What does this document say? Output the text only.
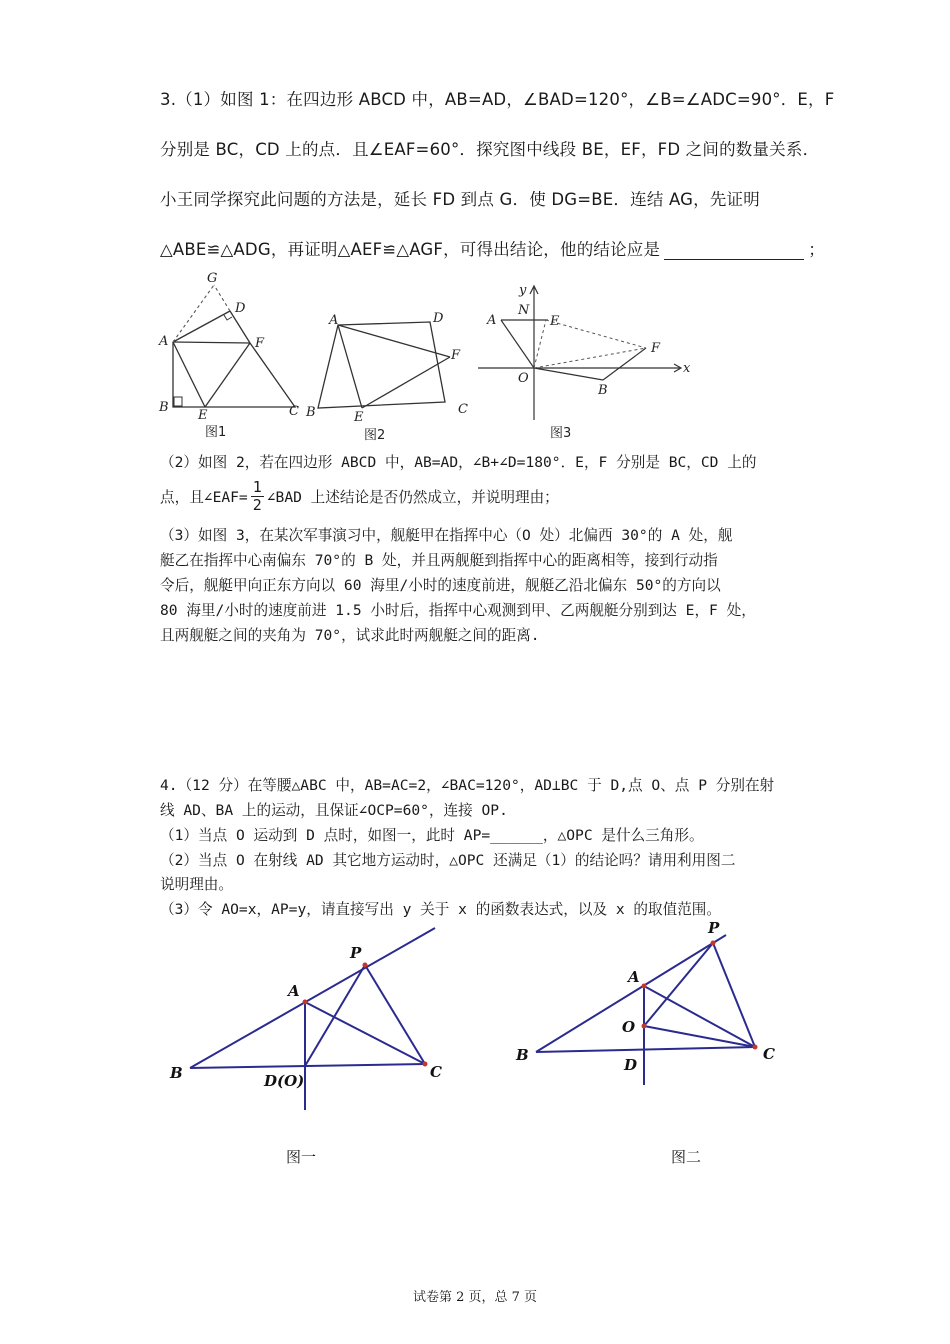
3.（1）如图 1：在四边形 ABCD 中，AB=AD，∠BAD=120°，∠B=∠ADC=90°．E，F
分别是 BC，CD 上的点．且∠EAF=60°．探究图中线段 BE，EF，FD 之间的数量关系．
小王同学探究此问题的方法是，延长 FD 到点 G．使 DG=BE．连结 AG，先证明
△ABE≌△ADG，再证明△AEF≌△AGF，可得出结论，他的结论应是	；
G
D
A	F
B
E	C
图1
A	D
F
B	E
C
图2
y
N
A	E
F
x
O
B
图3
（2）如图 2，若在四边形 ABCD 中，AB=AD，∠B+∠D=180°．E，F 分别是 BC，CD 上的
点，且∠EAF= $\frac{1}{2}$ ∠BAD 上述结论是否仍然成立，并说明理由；
（3）如图 3，在某次军事演习中，舰艇甲在指挥中心（O 处）北偏西 30°的 A 处，舰
艇乙在指挥中心南偏东 70°的 B 处，并且两舰艇到指挥中心的距离相等，接到行动指
令后，舰艇甲向正东方向以 60 海里/小时的速度前进，舰艇乙沿北偏东 50°的方向以
80 海里/小时的速度前进 1.5 小时后，指挥中心观测到甲、乙两舰艇分别到达 E，F 处，
且两舰艇之间的夹角为 70°，试求此时两舰艇之间的距离.
4.（12 分）在等腰△ABC 中，AB=AC=2，∠BAC=120°，AD⊥BC 于 D,点 O、点 P 分别在射
线 AD、BA 上的运动，且保证∠OCP=60°，连接 OP.
（1）当点 O 运动到 D 点时，如图一，此时 AP=______，△OPC 是什么三角形。
（2）当点 O 在射线 AD 其它地方运动时，△OPC 还满足（1）的结论吗？请用利用图二
说明理由。
（3）令 AO=x，AP=y，请直接写出 y 关于 x 的函数表达式，以及 x 的取值范围。
P
A
B	D(O)	C
P
A
O
B
D
C
图一	图二
试卷第 2 页，总 7 页
